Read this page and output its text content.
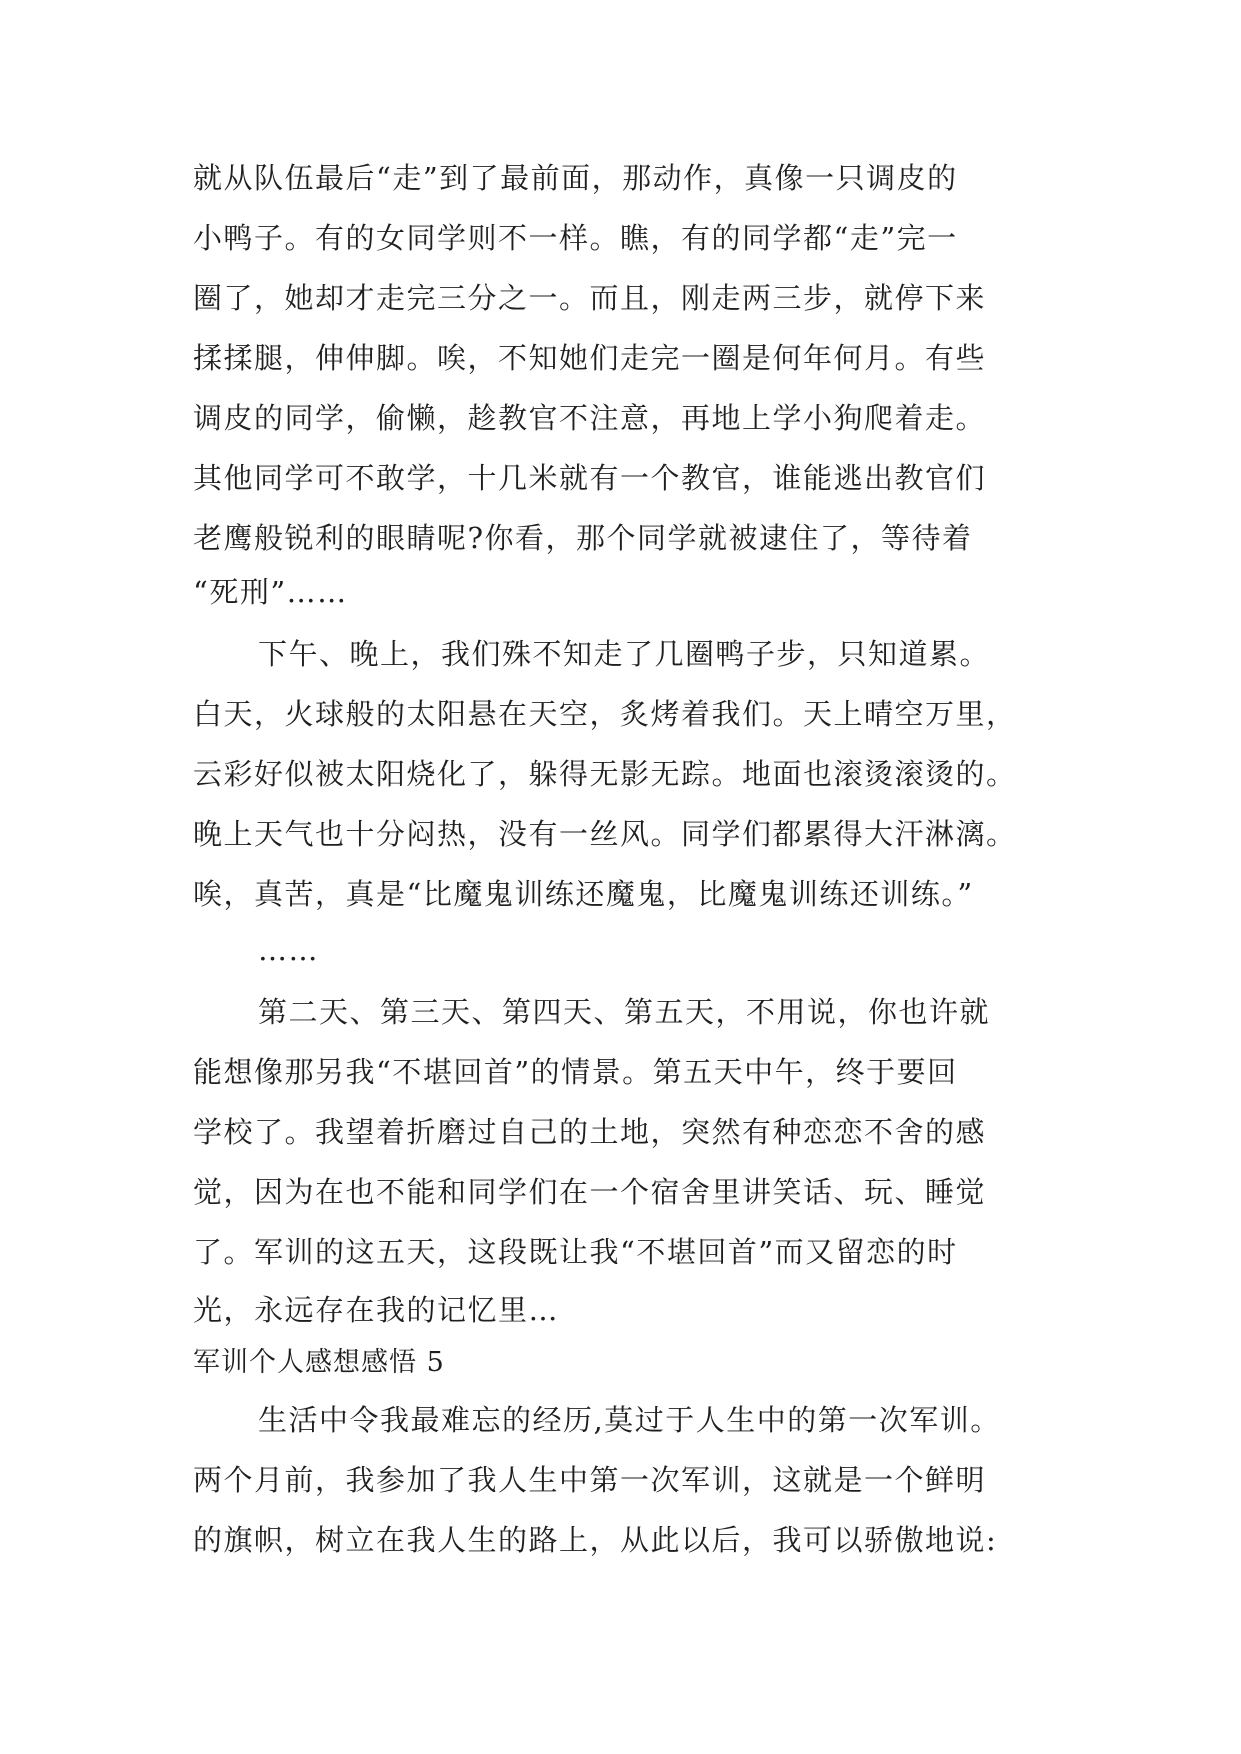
就从队伍最后“走”到了最前面，那动作，真像一只调皮的
小鸭子。有的女同学则不一样。瞧，有的同学都“走”完一
圈了，她却才走完三分之一。而且，刚走两三步，就停下来
揉揉腿，伸伸脚。唉，不知她们走完一圈是何年何月。有些
调皮的同学，偷懒，趁教官不注意，再地上学小狗爬着走。
其他同学可不敢学，十几米就有一个教官，谁能逃出教官们
老鹰般锐利的眼睛呢?你看，那个同学就被逮住了，等待着
“死刑”……
下午、晚上，我们殊不知走了几圈鸭子步，只知道累。
白天，火球般的太阳悬在天空，炙烤着我们。天上晴空万里，
云彩好似被太阳烧化了，躲得无影无踪。地面也滚烫滚烫的。
晚上天气也十分闷热，没有一丝风。同学们都累得大汗淋漓。
唉，真苦，真是“比魔鬼训练还魔鬼，比魔鬼训练还训练。”
……
第二天、第三天、第四天、第五天，不用说，你也许就
能想像那另我“不堪回首”的情景。第五天中午，终于要回
学校了。我望着折磨过自己的土地，突然有种恋恋不舍的感
觉，因为在也不能和同学们在一个宿舍里讲笑话、玩、睡觉
了。军训的这五天，这段既让我“不堪回首”而又留恋的时
光，永远存在我的记忆里…
军训个人感想感悟 5
生活中令我最难忘的经历,莫过于人生中的第一次军训。
两个月前，我参加了我人生中第一次军训，这就是一个鲜明
的旗帜，树立在我人生的路上，从此以后，我可以骄傲地说:
